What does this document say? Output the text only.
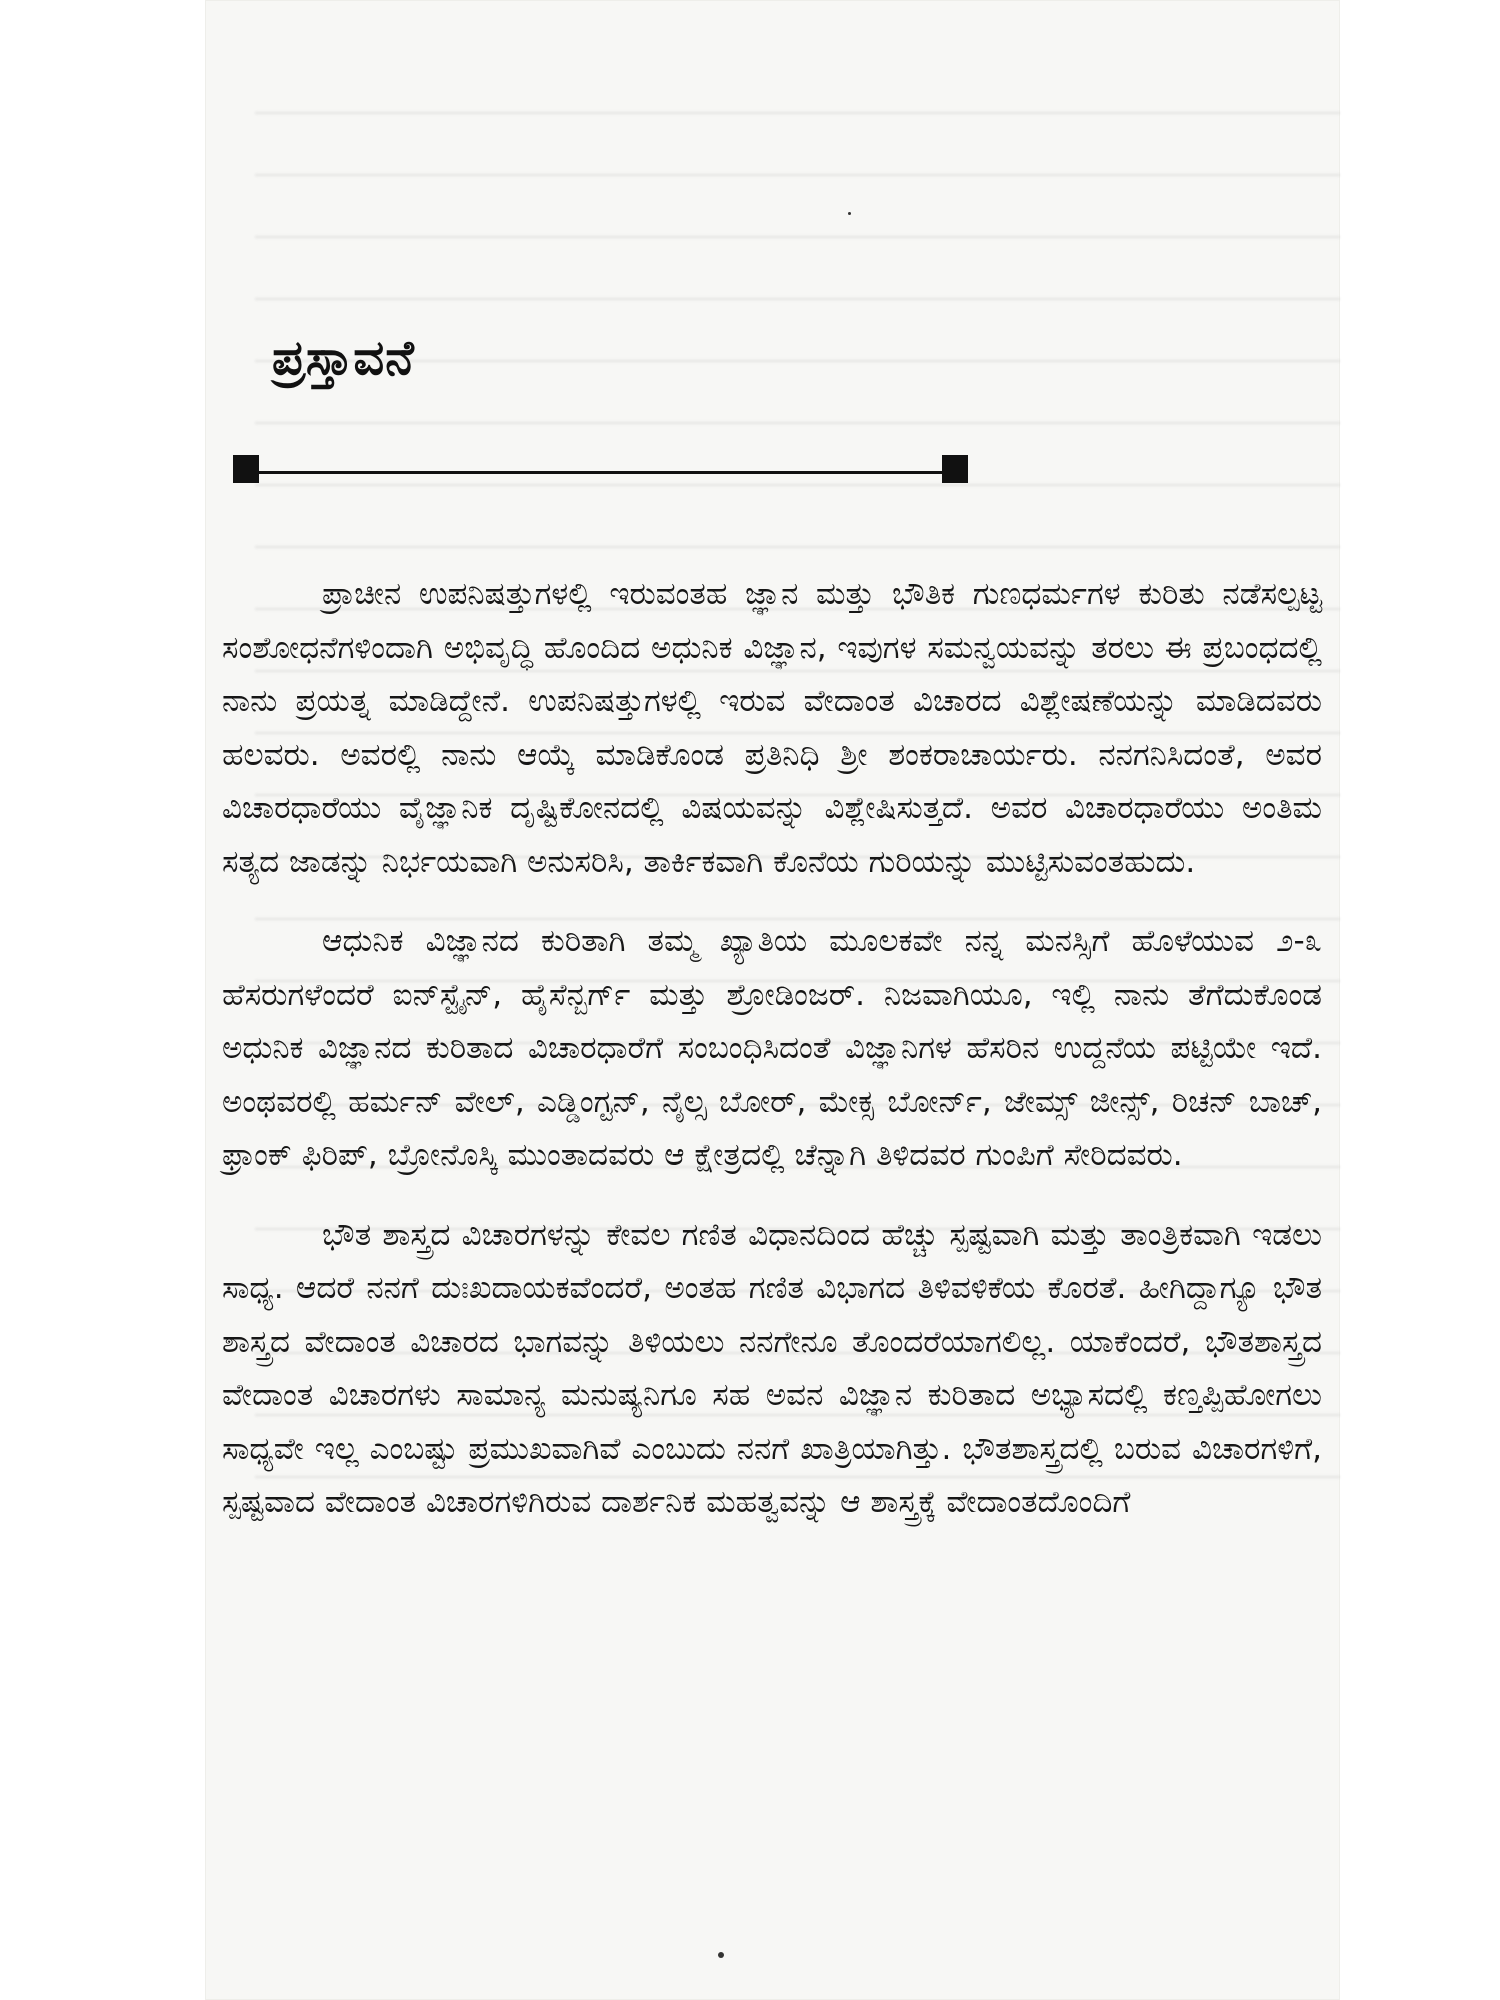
ಪ್ರಸ್ತಾವನೆ

ಪ್ರಾಚೀನ ಉಪನಿಷತ್ತುಗಳಲ್ಲಿ ಇರುವಂತಹ ಜ್ಞಾನ ಮತ್ತು ಭೌತಿಕ ಗುಣಧರ್ಮಗಳ ಕುರಿತು ನಡೆಸಲ್ಪಟ್ಟ ಸಂಶೋಧನೆಗಳಿಂದಾಗಿ ಅಭಿವೃದ್ಧಿ ಹೊಂದಿದ ಅಧುನಿಕ ವಿಜ್ಞಾನ, ಇವುಗಳ ಸಮನ್ವಯವನ್ನು ತರಲು ಈ ಪ್ರಬಂಧದಲ್ಲಿ ನಾನು ಪ್ರಯತ್ನ ಮಾಡಿದ್ದೇನೆ. ಉಪನಿಷತ್ತುಗಳಲ್ಲಿ ಇರುವ ವೇದಾಂತ ವಿಚಾರದ ವಿಶ್ಲೇಷಣೆಯನ್ನು ಮಾಡಿದವರು ಹಲವರು. ಅವರಲ್ಲಿ ನಾನು ಆಯ್ಕೆ ಮಾಡಿಕೊಂಡ ಪ್ರತಿನಿಧಿ ಶ್ರೀ ಶಂಕರಾಚಾರ್ಯರು. ನನಗನಿಸಿದಂತೆ, ಅವರ ವಿಚಾರಧಾರೆಯು ವೈಜ್ಞಾನಿಕ ದೃಷ್ಟಿಕೋನದಲ್ಲಿ ವಿಷಯವನ್ನು ವಿಶ್ಲೇಷಿಸುತ್ತದೆ. ಅವರ ವಿಚಾರಧಾರೆಯು ಅಂತಿಮ ಸತ್ಯದ ಜಾಡನ್ನು ನಿರ್ಭಯವಾಗಿ ಅನುಸರಿಸಿ, ತಾರ್ಕಿಕವಾಗಿ ಕೊನೆಯ ಗುರಿಯನ್ನು ಮುಟ್ಟಿಸುವಂತಹುದು.

ಆಧುನಿಕ ವಿಜ್ಞಾನದ ಕುರಿತಾಗಿ ತಮ್ಮ ಖ್ಯಾತಿಯ ಮೂಲಕವೇ ನನ್ನ ಮನಸ್ಸಿಗೆ ಹೊಳೆಯುವ ೨-೩ ಹೆಸರುಗಳೆಂದರೆ ಐನ್‌ಸ್ಟೈನ್, ಹೈಸೆನ್ಬರ್ಗ್ ಮತ್ತು ಶ್ರೋಡಿಂಜರ್. ನಿಜವಾಗಿಯೂ, ಇಲ್ಲಿ ನಾನು ತೆಗೆದುಕೊಂಡ ಅಧುನಿಕ ವಿಜ್ಞಾನದ ಕುರಿತಾದ ವಿಚಾರಧಾರೆಗೆ ಸಂಬಂಧಿಸಿದಂತೆ ವಿಜ್ಞಾನಿಗಳ ಹೆಸರಿನ ಉದ್ದನೆಯ ಪಟ್ಟಿಯೇ ಇದೆ. ಅಂಥವರಲ್ಲಿ ಹರ್ಮನ್ ವೇಲ್, ಎಡ್ಡಿಂಗ್ಟನ್, ನೈಲ್ಸ ಬೋರ್, ಮೇಕ್ಸ ಬೋರ್ನ್, ಜೇಮ್ಸ್ ಜೀನ್ಸ್, ರಿಚನ್ ಬಾಚ್, ಫ್ರಾಂಕ್ ಫಿರಿಪ್, ಬ್ರೋನೊಸ್ಕಿ ಮುಂತಾದವರು ಆ ಕ್ಷೇತ್ರದಲ್ಲಿ ಚೆನ್ನಾಗಿ ತಿಳಿದವರ ಗುಂಪಿಗೆ ಸೇರಿದವರು.

ಭೌತ ಶಾಸ್ತ್ರದ ವಿಚಾರಗಳನ್ನು ಕೇವಲ ಗಣಿತ ವಿಧಾನದಿಂದ ಹೆಚ್ಚು ಸ್ಪಷ್ಟವಾಗಿ ಮತ್ತು ತಾಂತ್ರಿಕವಾಗಿ ಇಡಲು ಸಾಧ್ಯ. ಆದರೆ ನನಗೆ ದುಃಖದಾಯಕವೆಂದರೆ, ಅಂತಹ ಗಣಿತ ವಿಭಾಗದ ತಿಳಿವಳಿಕೆಯ ಕೊರತೆ. ಹೀಗಿದ್ದಾಗ್ಯೂ ಭೌತ ಶಾಸ್ತ್ರದ ವೇದಾಂತ ವಿಚಾರದ ಭಾಗವನ್ನು ತಿಳಿಯಲು ನನಗೇನೂ ತೊಂದರೆಯಾಗಲಿಲ್ಲ. ಯಾಕೆಂದರೆ, ಭೌತಶಾಸ್ತ್ರದ ವೇದಾಂತ ವಿಚಾರಗಳು ಸಾಮಾನ್ಯ ಮನುಷ್ಯನಿಗೂ ಸಹ ಅವನ ವಿಜ್ಞಾನ ಕುರಿತಾದ ಅಭ್ಯಾಸದಲ್ಲಿ ಕಣ್ತಪ್ಪಿಹೋಗಲು ಸಾಧ್ಯವೇ ಇಲ್ಲ ಎಂಬಷ್ಟು ಪ್ರಮುಖವಾಗಿವೆ ಎಂಬುದು ನನಗೆ ಖಾತ್ರಿಯಾಗಿತ್ತು. ಭೌತಶಾಸ್ತ್ರದಲ್ಲಿ ಬರುವ ವಿಚಾರಗಳಿಗೆ, ಸ್ಪಷ್ಟವಾದ ವೇದಾಂತ ವಿಚಾರಗಳಿಗಿರುವ ದಾರ್ಶನಿಕ ಮಹತ್ವವನ್ನು ಆ ಶಾಸ್ತ್ರಕ್ಕೆ ವೇದಾಂತದೊಂದಿಗೆ
